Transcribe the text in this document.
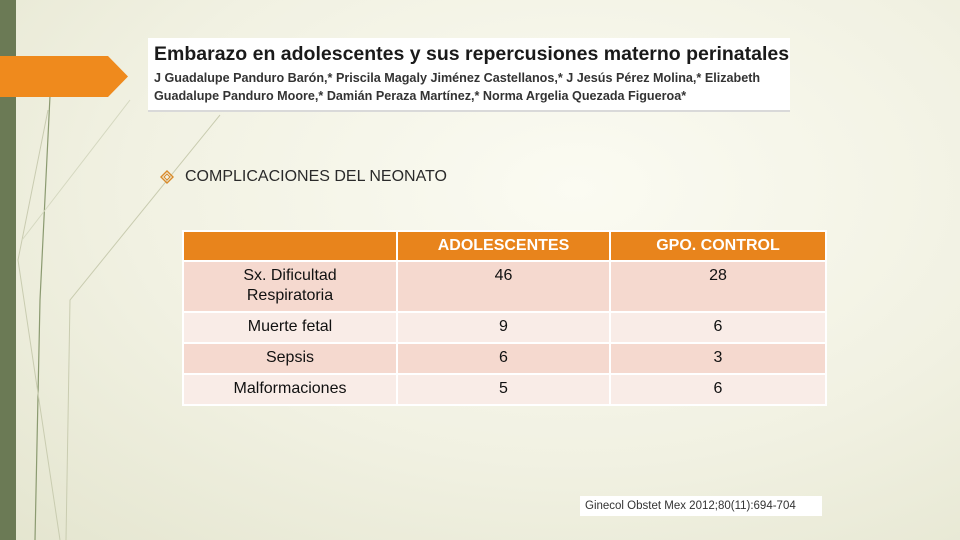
Embarazo en adolescentes y sus repercusiones materno perinatales
J Guadalupe Panduro Barón,* Priscila Magaly Jiménez Castellanos,* J Jesús Pérez Molina,* Elizabeth Guadalupe Panduro Moore,* Damián Peraza Martínez,* Norma Argelia Quezada Figueroa*
COMPLICACIONES DEL NEONATO
	ADOLESCENTES	GPO. CONTROL
Sx. Dificultad Respiratoria	46	28
Muerte fetal	9	6
Sepsis	6	3
Malformaciones	5	6
Ginecol Obstet Mex 2012;80(11):694-704
